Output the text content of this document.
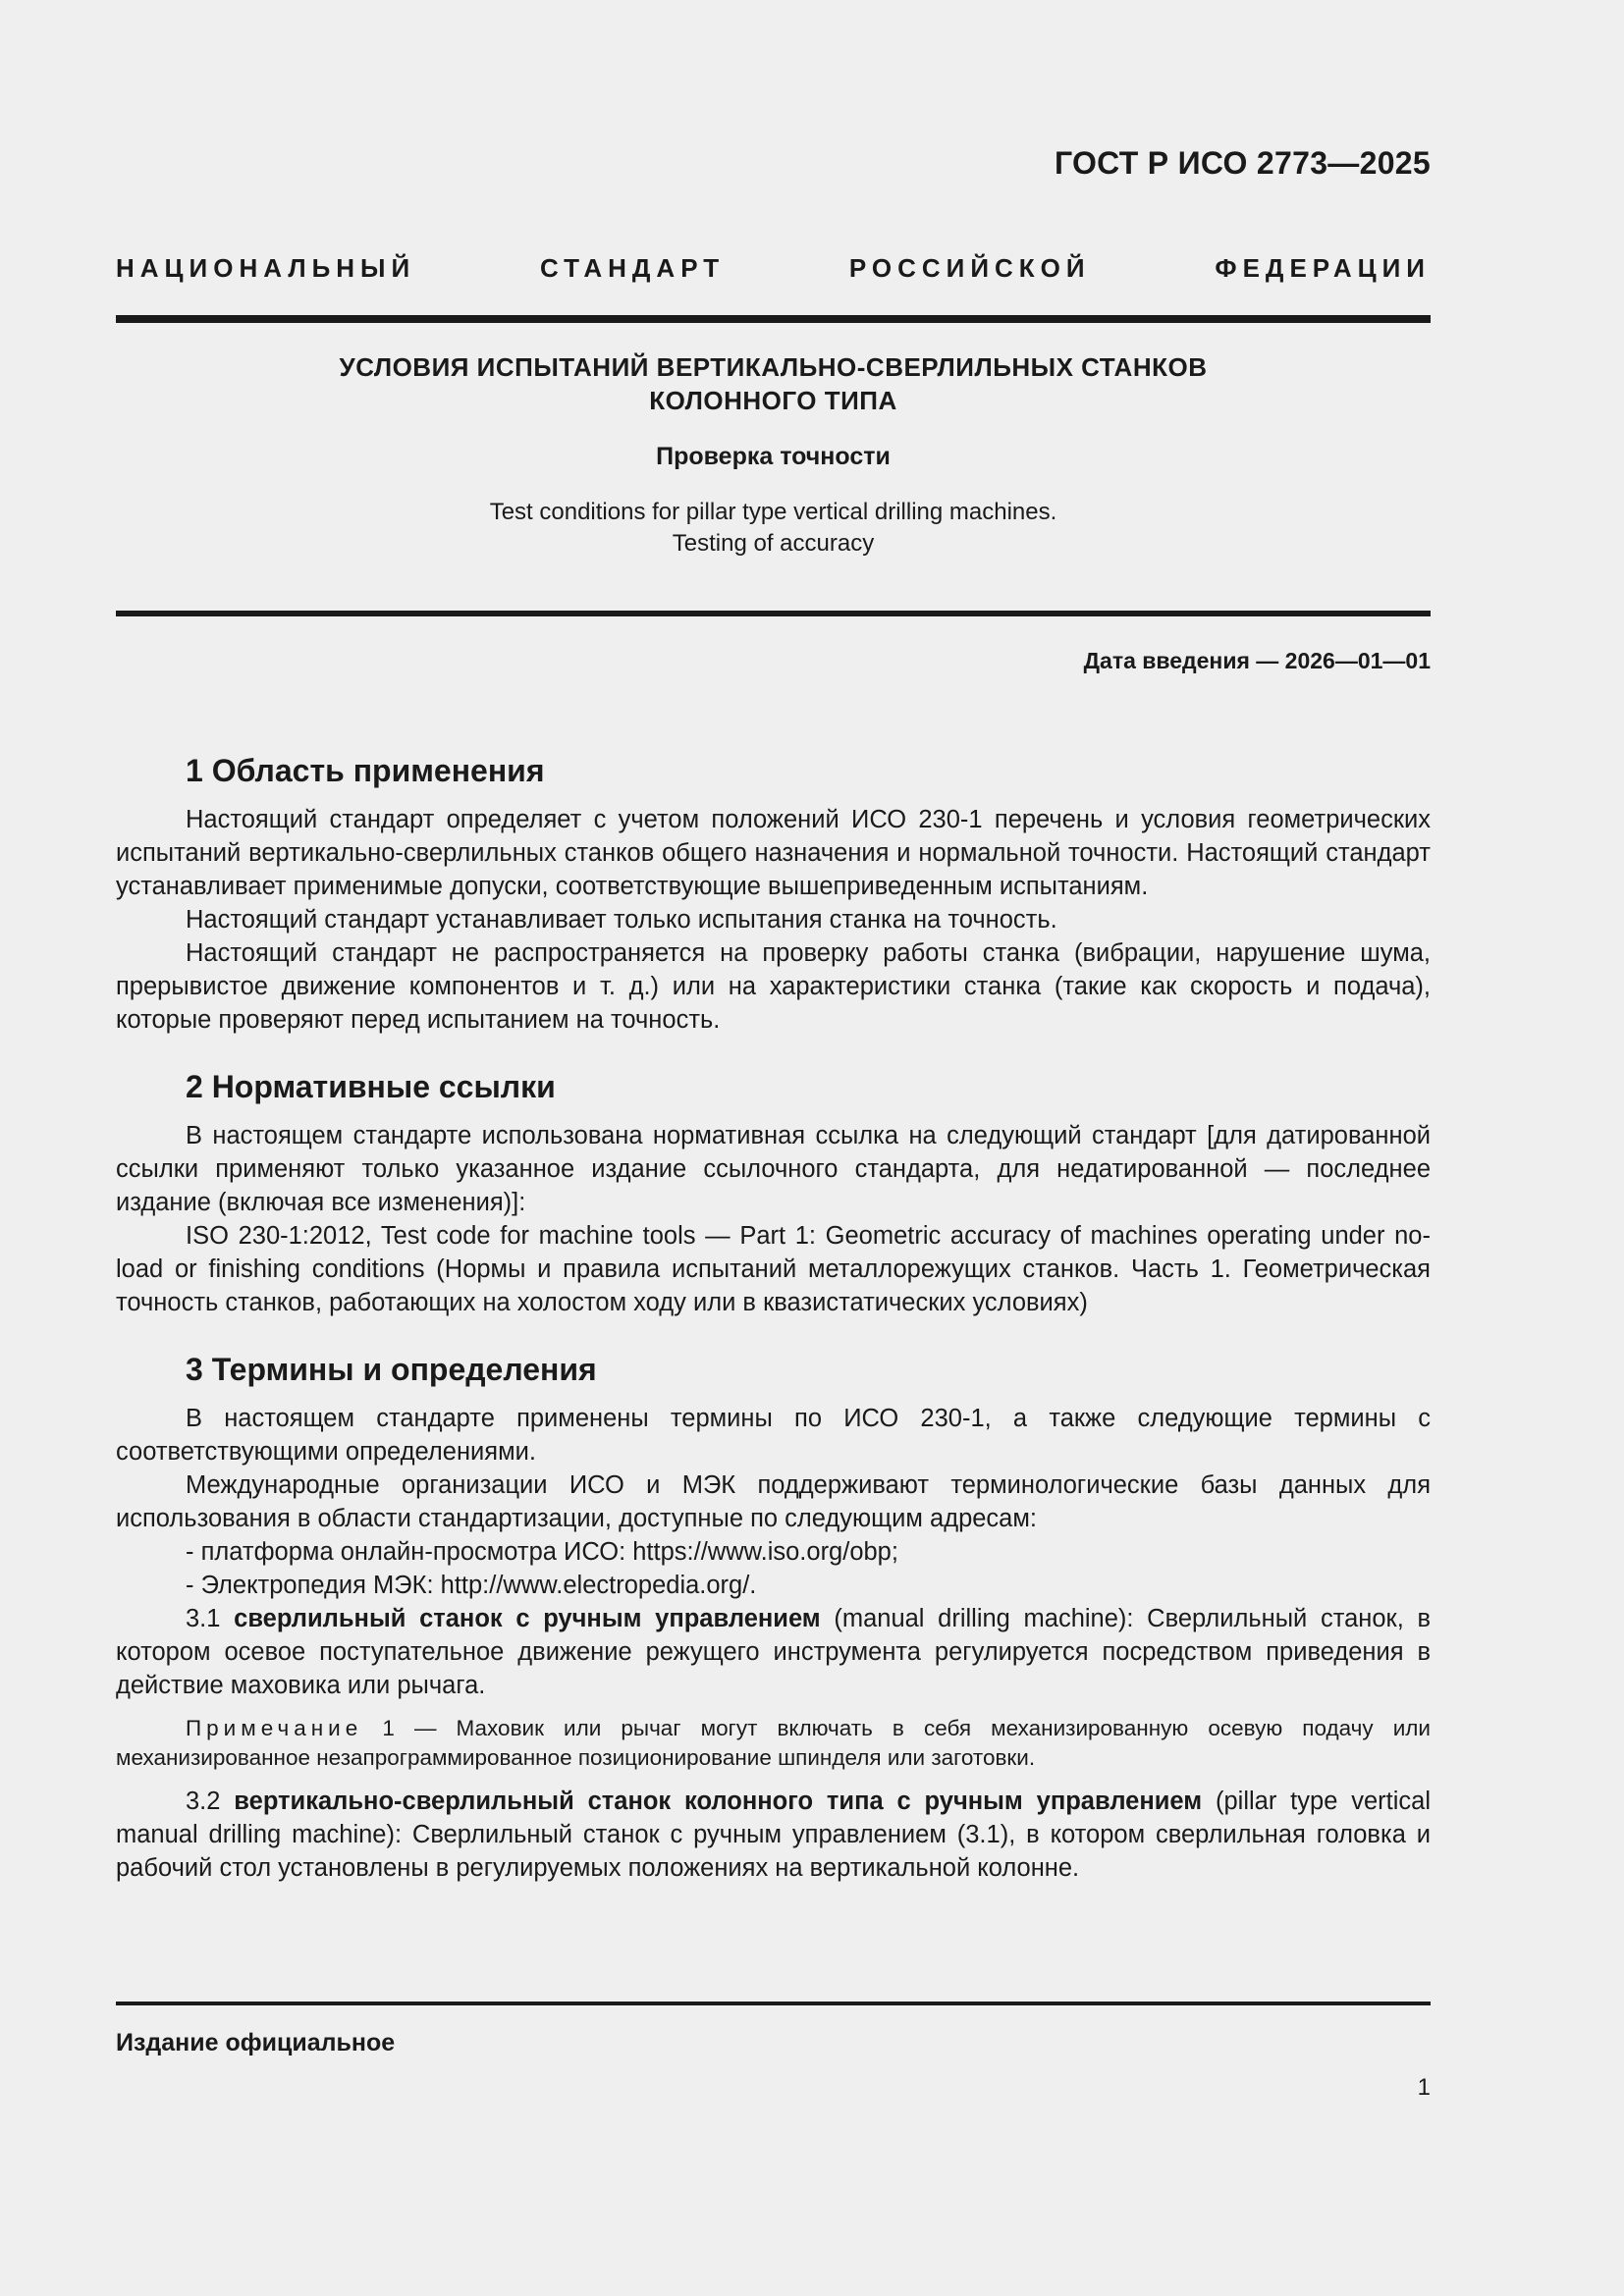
ГОСТ Р ИСО 2773—2025
НАЦИОНАЛЬНЫЙ СТАНДАРТ РОССИЙСКОЙ ФЕДЕРАЦИИ
УСЛОВИЯ ИСПЫТАНИЙ ВЕРТИКАЛЬНО-СВЕРЛИЛЬНЫХ СТАНКОВ
КОЛОННОГО ТИПА
Проверка точности
Test conditions for pillar type vertical drilling machines.
Testing of accuracy
Дата введения — 2026—01—01
1 Область применения

Настоящий стандарт определяет с учетом положений ИСО 230-1 перечень и условия геометрических испытаний вертикально-сверлильных станков общего назначения и нормальной точности. Настоящий стандарт устанавливает применимые допуски, соответствующие вышеприведенным испытаниям.

Настоящий стандарт устанавливает только испытания станка на точность.

Настоящий стандарт не распространяется на проверку работы станка (вибрации, нарушение шума, прерывистое движение компонентов и т. д.) или на характеристики станка (такие как скорость и подача), которые проверяют перед испытанием на точность.

2 Нормативные ссылки

В настоящем стандарте использована нормативная ссылка на следующий стандарт [для датированной ссылки применяют только указанное издание ссылочного стандарта, для недатированной — последнее издание (включая все изменения)]:

ISO 230-1:2012, Test code for machine tools — Part 1: Geometric accuracy of machines operating under no-load or finishing conditions (Нормы и правила испытаний металлорежущих станков. Часть 1. Геометрическая точность станков, работающих на холостом ходу или в квазистатических условиях)

3 Термины и определения

В настоящем стандарте применены термины по ИСО 230-1, а также следующие термины с соответствующими определениями.

Международные организации ИСО и МЭК поддерживают терминологические базы данных для использования в области стандартизации, доступные по следующим адресам:

- платформа онлайн-просмотра ИСО: https://www.iso.org/obp;

- Электропедия МЭК: http://www.electropedia.org/.

3.1 сверлильный станок с ручным управлением (manual drilling machine): Сверлильный станок, в котором осевое поступательное движение режущего инструмента регулируется посредством приведения в действие маховика или рычага.

Примечание 1 — Маховик или рычаг могут включать в себя механизированную осевую подачу или механизированное незапрограммированное позиционирование шпинделя или заготовки.

3.2 вертикально-сверлильный станок колонного типа с ручным управлением (pillar type vertical manual drilling machine): Сверлильный станок с ручным управлением (3.1), в котором сверлильная головка и рабочий стол установлены в регулируемых положениях на вертикальной колонне.

Издание официальное
1
